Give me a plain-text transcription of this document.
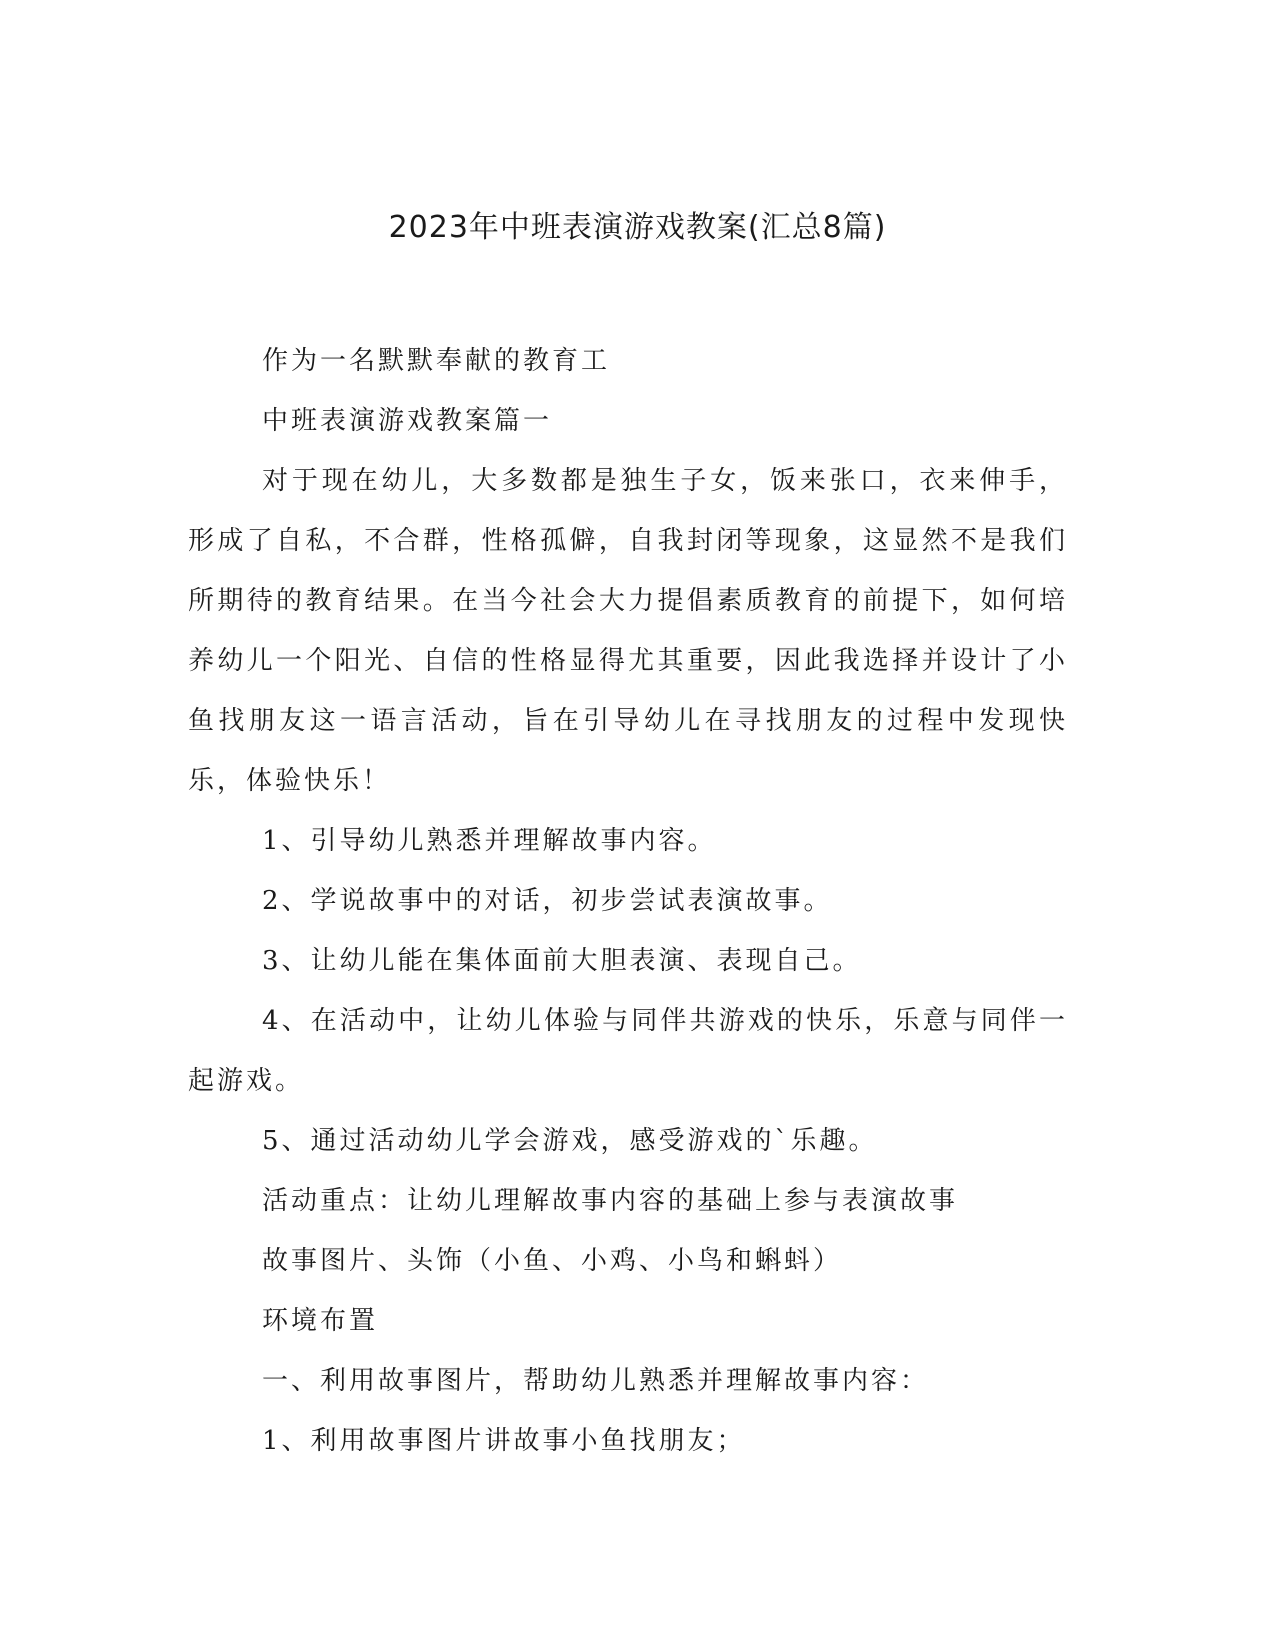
2023年中班表演游戏教案(汇总8篇)

作为一名默默奉献的教育工

中班表演游戏教案篇一

对于现在幼儿，大多数都是独生子女，饭来张口，衣来伸手，形成了自私，不合群，性格孤僻，自我封闭等现象，这显然不是我们所期待的教育结果。在当今社会大力提倡素质教育的前提下，如何培养幼儿一个阳光、自信的性格显得尤其重要，因此我选择并设计了小鱼找朋友这一语言活动，旨在引导幼儿在寻找朋友的过程中发现快乐，体验快乐！

1、引导幼儿熟悉并理解故事内容。

2、学说故事中的对话，初步尝试表演故事。

3、让幼儿能在集体面前大胆表演、表现自己。

4、在活动中，让幼儿体验与同伴共游戏的快乐，乐意与同伴一起游戏。

5、通过活动幼儿学会游戏，感受游戏的`乐趣。

活动重点：让幼儿理解故事内容的基础上参与表演故事

故事图片、头饰（小鱼、小鸡、小鸟和蝌蚪）

环境布置

一、利用故事图片，帮助幼儿熟悉并理解故事内容：

1、利用故事图片讲故事小鱼找朋友；
